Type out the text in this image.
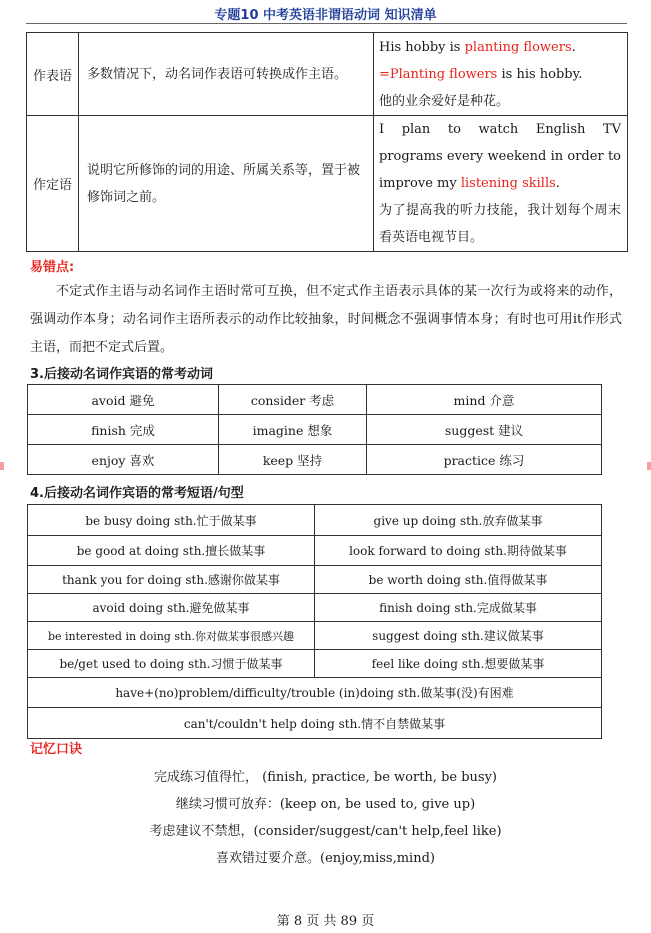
专题10 中考英语非谓语动词 知识清单
作表语	多数情况下，动名词作表语可转换成作主语。	His hobby is planting flowers.
=Planting flowers is his hobby.
他的业余爱好是种花。

作定语	说明它所修饰的词的用途、所属关系等，置于被修饰词之前。	I plan to watch English TV programs every weekend in order to improve my listening skills.
为了提高我的听力技能，我计划每个周末看英语电视节目。
易错点:
不定式作主语与动名词作主语时常可互换，但不定式作主语表示具体的某一次行为或将来的动作，强调动作本身；动名词作主语所表示的动作比较抽象，时间概念不强调事情本身；有时也可用it作形式主语，而把不定式后置。
3.后接动名词作宾语的常考动词
avoid 避免	consider 考虑	mind 介意
finish 完成	imagine 想象	suggest 建议
enjoy 喜欢	keep 坚持	practice 练习
4.后接动名词作宾语的常考短语/句型
be busy doing sth.忙于做某事	give up doing sth.放弃做某事
be good at doing sth.擅长做某事	look forward to doing sth.期待做某事
thank you for doing sth.感谢你做某事	be worth doing sth.值得做某事
avoid doing sth.避免做某事	finish doing sth.完成做某事
be interested in doing sth.你对做某事很感兴趣	suggest doing sth.建议做某事
be/get used to doing sth.习惯于做某事	feel like doing sth.想要做某事
have+(no)problem/difficulty/trouble (in)doing sth.做某事(没)有困难	
can't/couldn't help doing sth.情不自禁做某事	
记忆口诀
完成练习值得忙， (finish, practice, be worth, be busy)
继续习惯可放弃：(keep on, be used to, give up)
考虑建议不禁想，(consider/suggest/can't help,feel like)
喜欢错过要介意。(enjoy,miss,mind)
第 8 页 共 89 页
